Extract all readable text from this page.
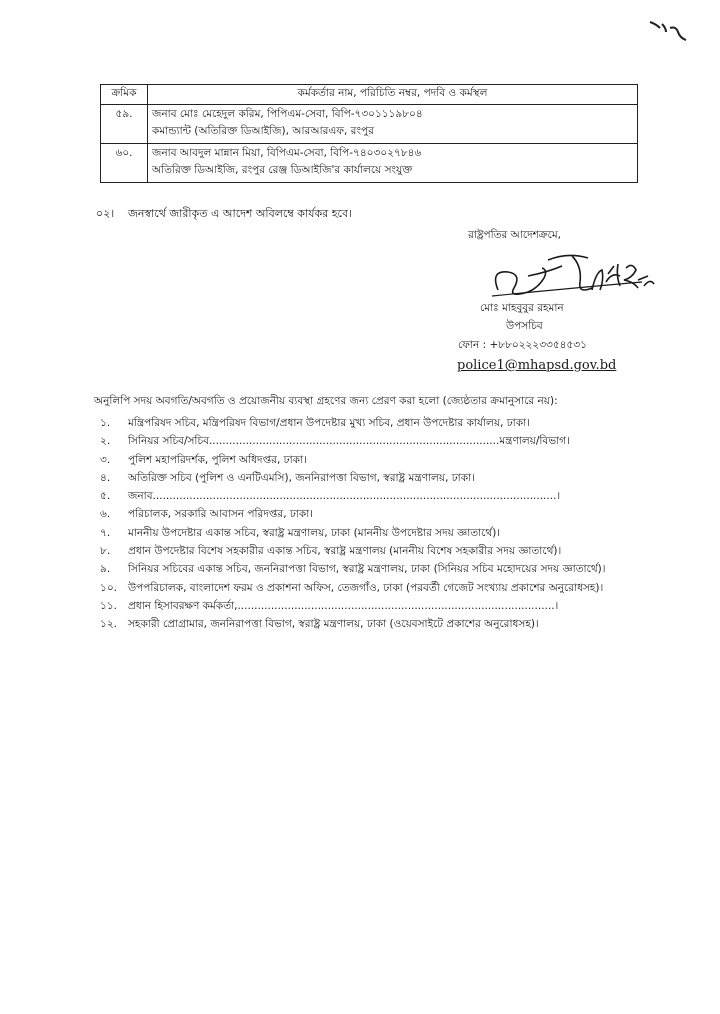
ক্রমিক	কর্মকর্তার নাম, পরিচিতি নম্বর, পদবি ও কর্মস্থল
৫৯.	জনাব মোঃ মেহেদুল করিম, পিপিএম-সেবা, বিপি-৭৩০১১১৯৮০৪
কমান্ড্যান্ট (অতিরিক্ত ডিআইজি), আরআরএফ, রংপুর

৬০.	জনাব আবদুল মান্নান মিয়া, বিপিএম-সেবা, বিপি-৭৪০৩০২৭৮৪৬
অতিরিক্ত ডিআইজি, রংপুর রেঞ্জ ডিআইজি'র কার্যালয়ে সংযুক্ত
০২। জনস্বার্থে জারীকৃত এ আদেশ অবিলম্বে কার্যকর হবে।
রাষ্ট্রপতির আদেশক্রমে,
মোঃ মাহবুবুর রহমান
উপসচিব
ফোন : +৮৮০২২২৩৩৫৪৫৩১
police1@mhapsd.gov.bd
অনুলিপি সদয় অবগতি/অবগতি ও প্রয়োজনীয় ব্যবস্থা গ্রহণের জন্য প্রেরণ করা হলো (জ্যেষ্ঠতার ক্রমানুসারে নয়):
১. মন্ত্রিপরিষদ সচিব, মন্ত্রিপরিষদ বিভাগ/প্রধান উপদেষ্টার মুখ্য সচিব, প্রধান উপদেষ্টার কার্যালয়, ঢাকা।
২. সিনিয়র সচিব/সচিব.......................................................................................মন্ত্রণালয়/বিভাগ।
৩. পুলিশ মহাপরিদর্শক, পুলিশ অধিদপ্তর, ঢাকা।
৪. অতিরিক্ত সচিব (পুলিশ ও এনটিএমসি), জননিরাপত্তা বিভাগ, স্বরাষ্ট্র মন্ত্রণালয়, ঢাকা।
৫. জনাব.........................................................................................................................।
৬. পরিচালক, সরকারি আবাসন পরিদপ্তর, ঢাকা।
৭. মাননীয় উপদেষ্টার একান্ত সচিব, স্বরাষ্ট্র মন্ত্রণালয়, ঢাকা (মাননীয় উপদেষ্টার সদয় জ্ঞাতার্থে)।
৮. প্রধান উপদেষ্টার বিশেষ সহকারীর একান্ত সচিব, স্বরাষ্ট্র মন্ত্রণালয় (মাননীয় বিশেষ সহকারীর সদয় জ্ঞাতার্থে)।
৯. সিনিয়র সচিবের একান্ত সচিব, জননিরাপত্তা বিভাগ, স্বরাষ্ট্র মন্ত্রণালয়, ঢাকা (সিনিয়র সচিব মহোদয়ের সদয় জ্ঞাতার্থে)।
১০. উপপরিচালক, বাংলাদেশ ফরম ও প্রকাশনা অফিস, তেজগাঁও, ঢাকা (পরবর্তী গেজেট সংখ্যায় প্রকাশের অনুরোধসহ)।
১১. প্রধান হিসাবরক্ষণ কর্মকর্তা,...............................................................................................।
১২. সহকারী প্রোগ্রামার, জননিরাপত্তা বিভাগ, স্বরাষ্ট্র মন্ত্রণালয়, ঢাকা (ওয়েবসাইটে প্রকাশের অনুরোধসহ)।
